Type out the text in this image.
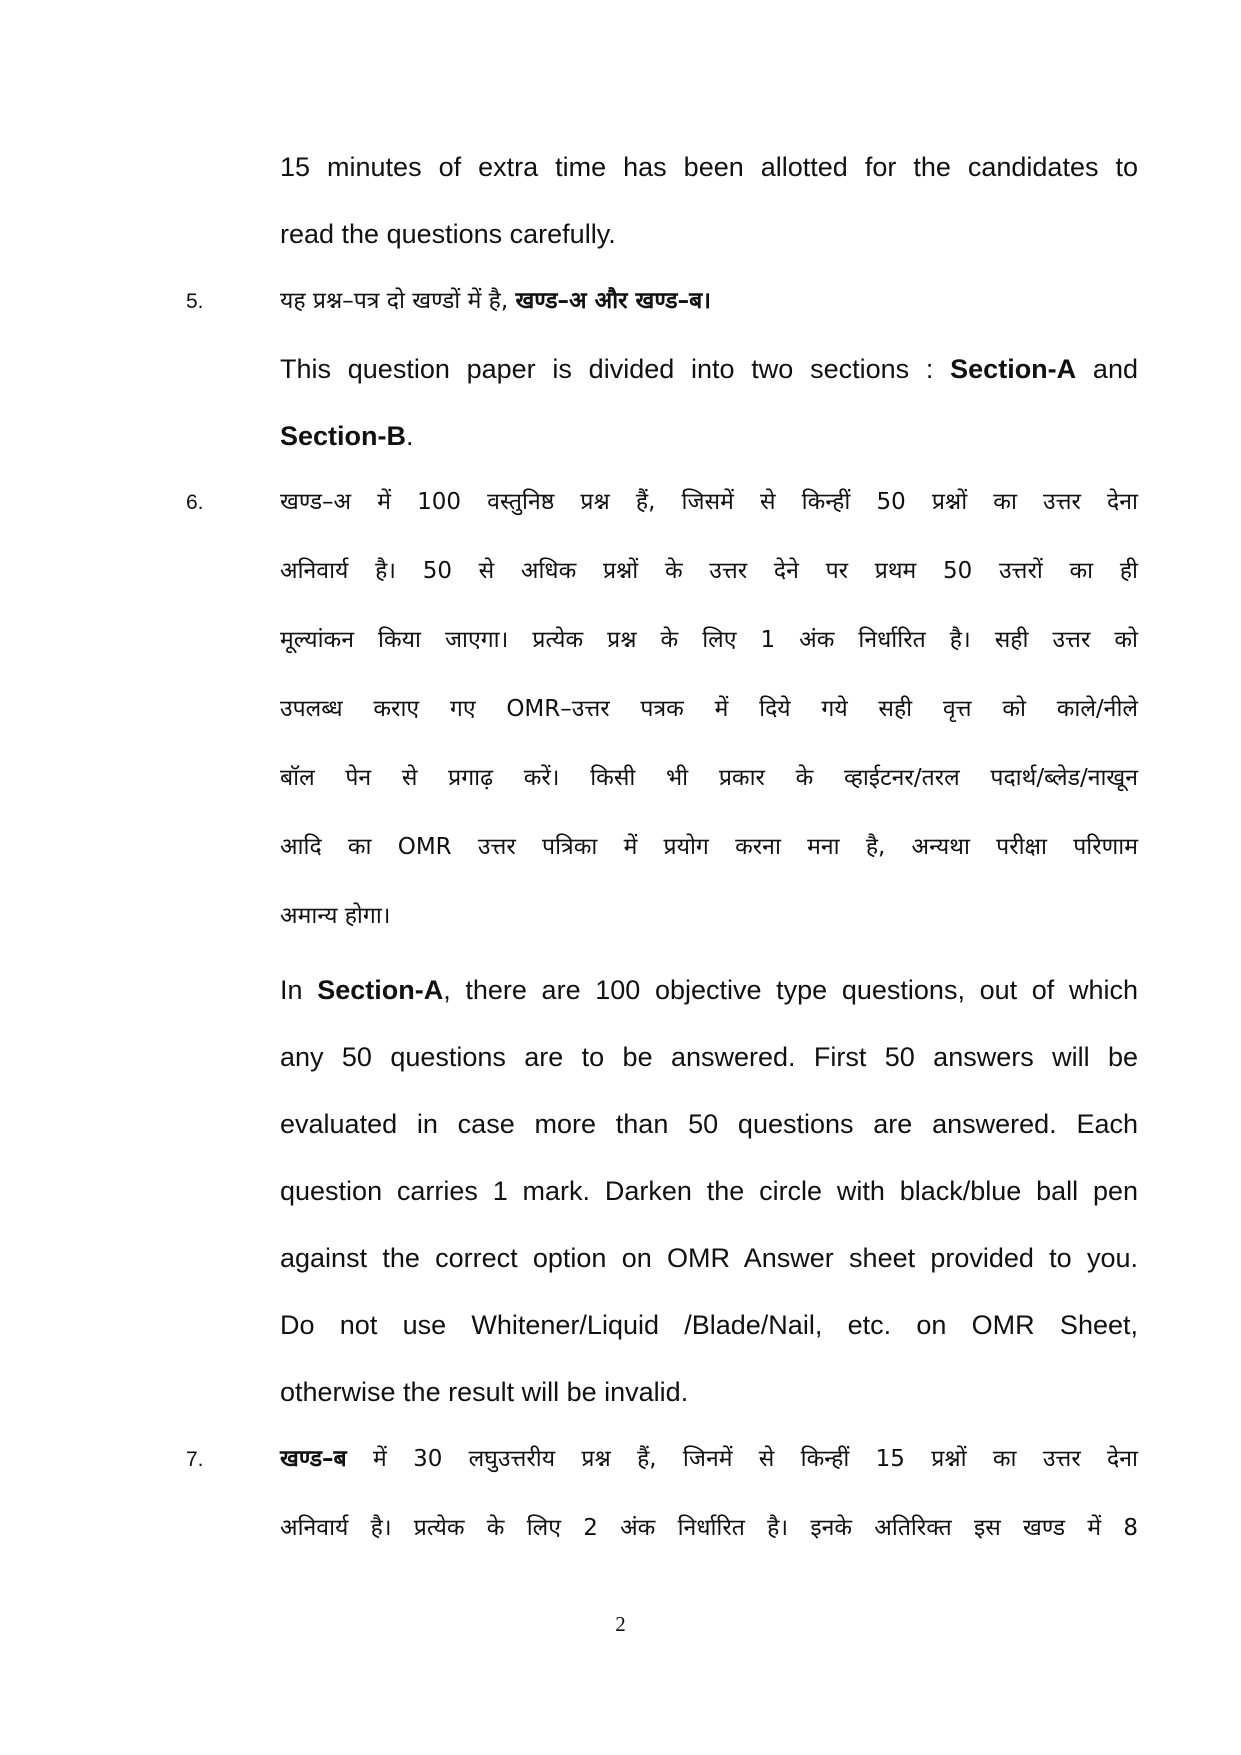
15 minutes of extra time has been allotted for the candidates to
read the questions carefully.
5.	यह प्रश्न–पत्र दो खण्डों में है, खण्ड–अ और खण्ड–ब।
This question paper is divided into two sections : Section-A and
Section-B.
6.	खण्ड–अ में 100 वस्तुनिष्ठ प्रश्न हैं, जिसमें से किन्हीं 50 प्रश्नों का उत्तर देना
अनिवार्य है। 50 से अधिक प्रश्नों के उत्तर देने पर प्रथम 50 उत्तरों का ही
मूल्यांकन किया जाएगा। प्रत्येक प्रश्न के लिए 1 अंक निर्धारित है। सही उत्तर को
उपलब्ध कराए गए OMR–उत्तर पत्रक में दिये गये सही वृत्त को काले/नीले
बॉल पेन से प्रगाढ़ करें। किसी भी प्रकार के व्हाईटनर/तरल पदार्थ/ब्लेड/नाखून
आदि का OMR उत्तर पत्रिका में प्रयोग करना मना है, अन्यथा परीक्षा परिणाम
अमान्य होगा।
In Section-A, there are 100 objective type questions, out of which
any 50 questions are to be answered. First 50 answers will be
evaluated in case more than 50 questions are answered. Each
question carries 1 mark. Darken the circle with black/blue ball pen
against the correct option on OMR Answer sheet provided to you.
Do not use Whitener/Liquid /Blade/Nail, etc. on OMR Sheet,
otherwise the result will be invalid.
7.	खण्ड–ब में 30 लघुउत्तरीय प्रश्न हैं, जिनमें से किन्हीं 15 प्रश्नों का उत्तर देना
अनिवार्य है। प्रत्येक के लिए 2 अंक निर्धारित है। इनके अतिरिक्त इस खण्ड में 8
2
